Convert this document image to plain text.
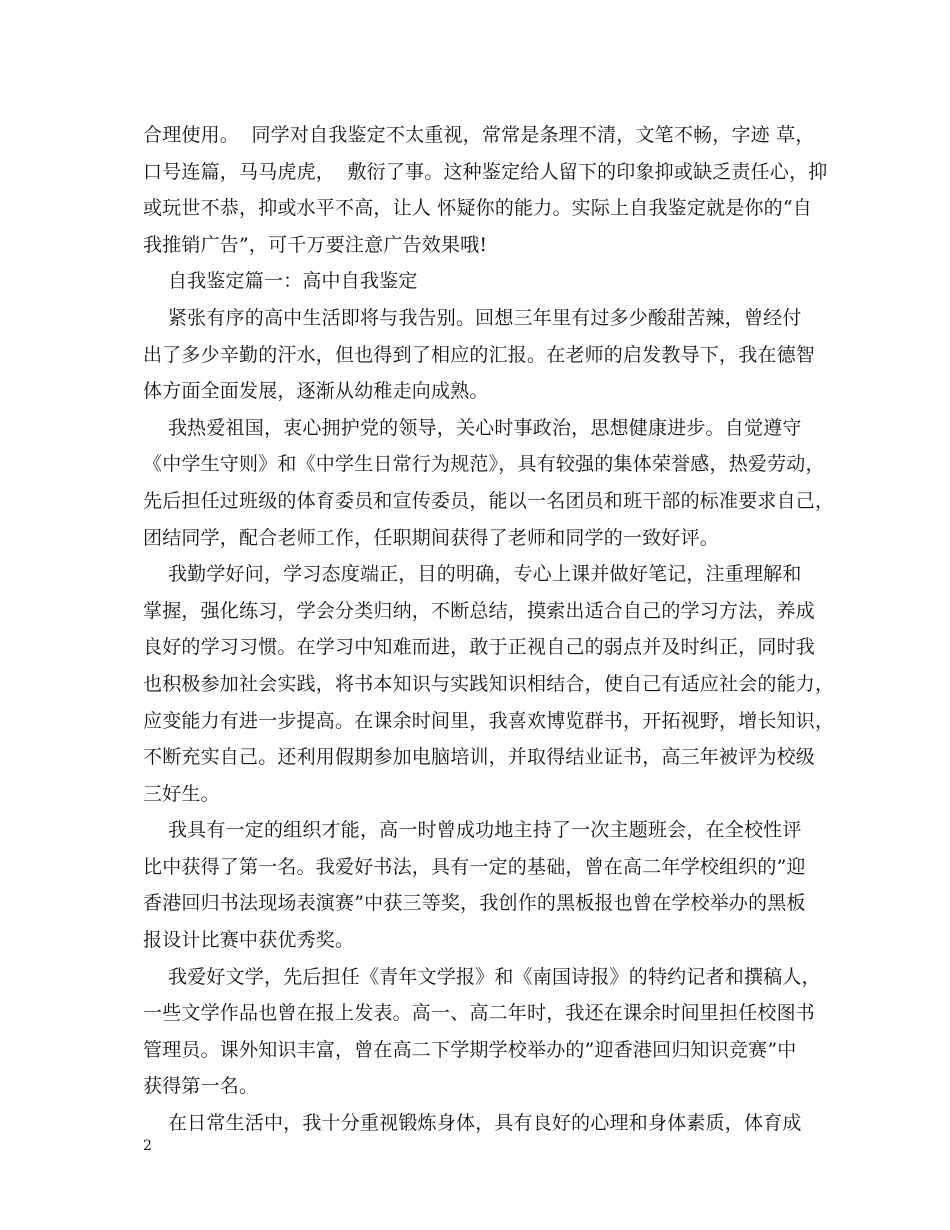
合理使用。  同学对自我鉴定不太重视，常常是条理不清，文笔不畅，字迹 草，
口号连篇，马马虎虎，  敷衍了事。这种鉴定给人留下的印象抑或缺乏责任心，抑
或玩世不恭，抑或水平不高，让人 怀疑你的能力。实际上自我鉴定就是你的“自
我推销广告”，可千万要注意广告效果哦!
自我鉴定篇一：高中自我鉴定
紧张有序的高中生活即将与我告别。回想三年里有过多少酸甜苦辣，曾经付
出了多少辛勤的汗水，但也得到了相应的汇报。在老师的启发教导下，我在德智
体方面全面发展，逐渐从幼稚走向成熟。
我热爱祖国，衷心拥护党的领导，关心时事政治，思想健康进步。自觉遵守
《中学生守则》和《中学生日常行为规范》，具有较强的集体荣誉感，热爱劳动，
先后担任过班级的体育委员和宣传委员，能以一名团员和班干部的标准要求自己，
团结同学，配合老师工作，任职期间获得了老师和同学的一致好评。
我勤学好问，学习态度端正，目的明确，专心上课并做好笔记，注重理解和
掌握，强化练习，学会分类归纳，不断总结，摸索出适合自己的学习方法，养成
良好的学习习惯。在学习中知难而进，敢于正视自己的弱点并及时纠正，同时我
也积极参加社会实践，将书本知识与实践知识相结合，使自己有适应社会的能力，
应变能力有进一步提高。在课余时间里，我喜欢博览群书，开拓视野，增长知识，
不断充实自己。还利用假期参加电脑培训，并取得结业证书，高三年被评为校级
三好生。
我具有一定的组织才能，高一时曾成功地主持了一次主题班会，在全校性评
比中获得了第一名。我爱好书法，具有一定的基础，曾在高二年学校组织的”迎
香港回归书法现场表演赛”中获三等奖，我创作的黑板报也曾在学校举办的黑板
报设计比赛中获优秀奖。
我爱好文学，先后担任《青年文学报》和《南国诗报》的特约记者和撰稿人，
一些文学作品也曾在报上发表。高一、高二年时，我还在课余时间里担任校图书
管理员。课外知识丰富，曾在高二下学期学校举办的”迎香港回归知识竞赛”中
获得第一名。
在日常生活中，我十分重视锻炼身体，具有良好的心理和身体素质，体育成
2
